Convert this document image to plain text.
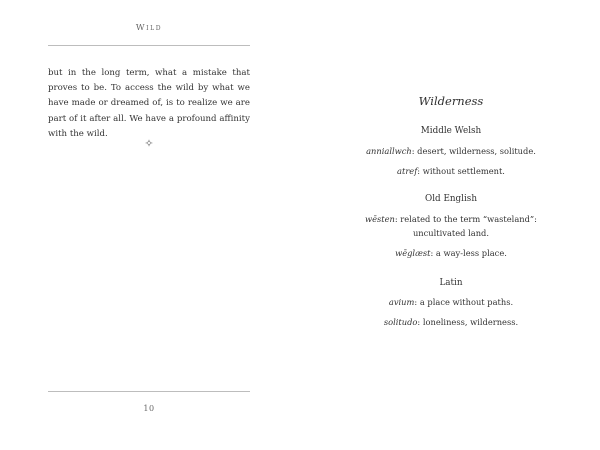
Wild

but in the long term, what a mistake that proves to be. To access the wild by what we have made or dreamed of, is to realize we are part of it after all. We have a profound affinity with the wild.

✧
10
Wilderness
Middle Welsh
anniallwch: desert, wilderness, solitude.
atref: without settlement.
Old English
wēsten: related to the term “wasteland”:
uncultivated land.
wēglæst: a way-less place.
Latin
avium: a place without paths.
solitudo: loneliness, wilderness.
